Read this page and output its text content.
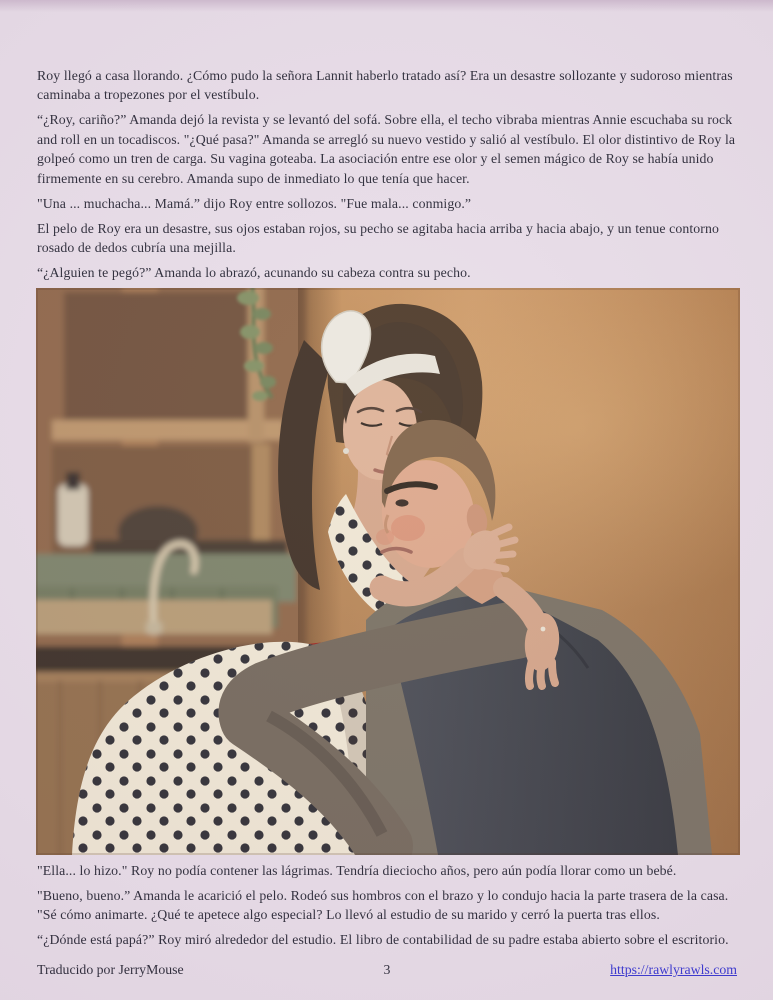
Roy llegó a casa llorando. ¿Cómo pudo la señora Lannit haberlo tratado así? Era un desastre sollozante y sudoroso mientras caminaba a tropezones por el vestíbulo.

“¿Roy, cariño?” Amanda dejó la revista y se levantó del sofá. Sobre ella, el techo vibraba mientras Annie escuchaba su rock and roll en un tocadiscos. "¿Qué pasa?" Amanda se arregló su nuevo vestido y salió al vestíbulo. El olor distintivo de Roy la golpeó como un tren de carga. Su vagina goteaba. La asociación entre ese olor y el semen mágico de Roy se había unido firmemente en su cerebro. Amanda supo de inmediato lo que tenía que hacer.

"Una ... muchacha... Mamá.” dijo Roy entre sollozos. "Fue mala... conmigo.”

El pelo de Roy era un desastre, sus ojos estaban rojos, su pecho se agitaba hacia arriba y hacia abajo, y un tenue contorno rosado de dedos cubría una mejilla.

“¿Alguien te pegó?” Amanda lo abrazó, acunando su cabeza contra su pecho.

"Ella... lo hizo." Roy no podía contener las lágrimas. Tendría dieciocho años, pero aún podía llorar como un bebé.

"Bueno, bueno.” Amanda le acarició el pelo. Rodeó sus hombros con el brazo y lo condujo hacia la parte trasera de la casa. "Sé cómo animarte. ¿Qué te apetece algo especial? Lo llevó al estudio de su marido y cerró la puerta tras ellos.

“¿Dónde está papá?” Roy miró alrededor del estudio. El libro de contabilidad de su padre estaba abierto sobre el escritorio.

Traducido por JerryMouse	3	https://rawlyrawls.com
